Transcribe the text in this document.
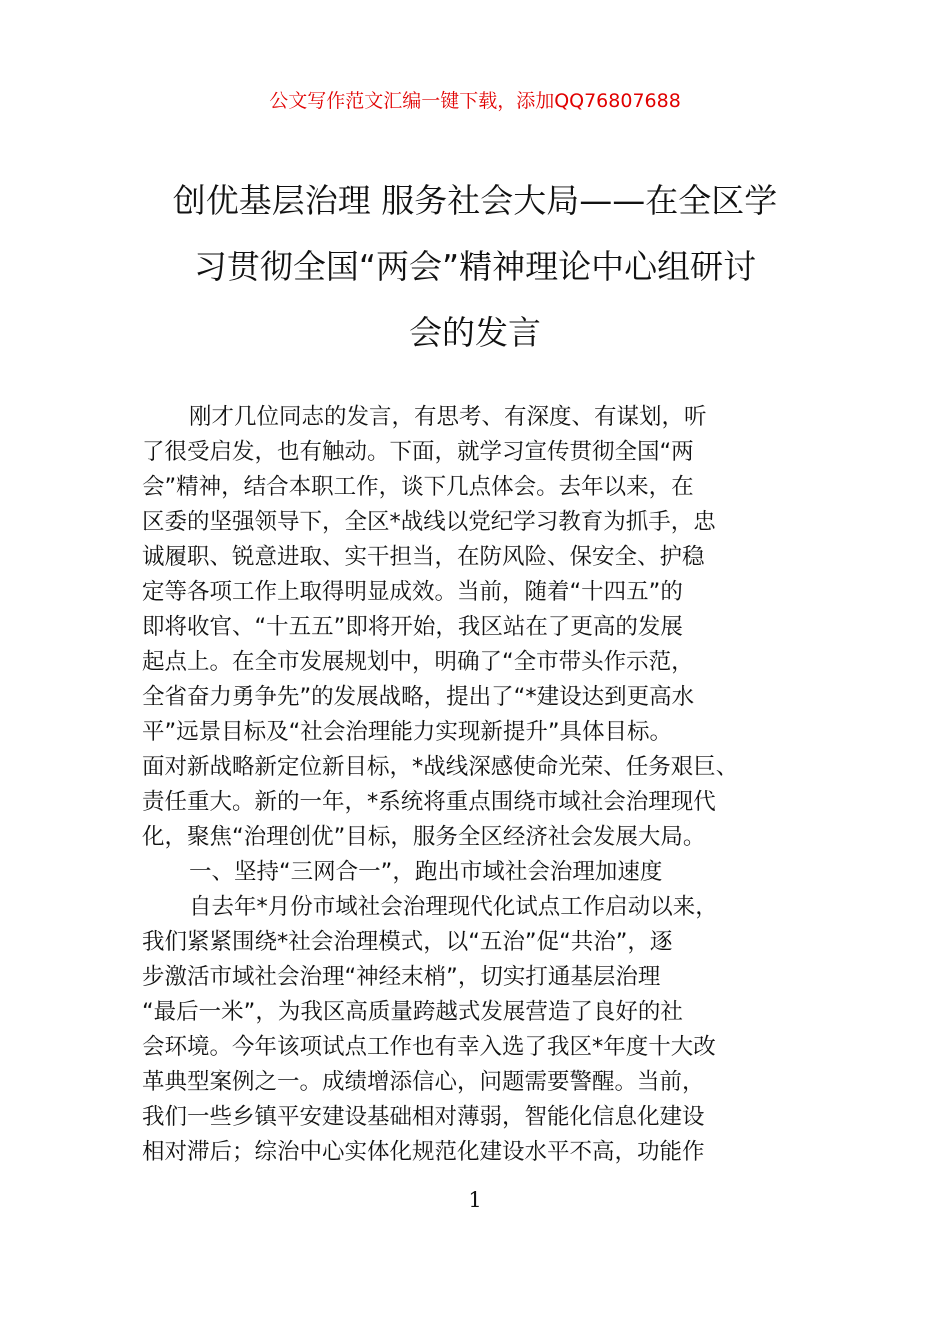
公文写作范文汇编一键下载，添加QQ76807688
创优基层治理 服务社会大局——在全区学
习贯彻全国“两会”精神理论中心组研讨
会的发言
刚才几位同志的发言，有思考、有深度、有谋划，听
了很受启发，也有触动。下面，就学习宣传贯彻全国“两
会”精神，结合本职工作，谈下几点体会。去年以来，在
区委的坚强领导下，全区*战线以党纪学习教育为抓手，忠
诚履职、锐意进取、实干担当，在防风险、保安全、护稳
定等各项工作上取得明显成效。当前，随着“十四五”的
即将收官、“十五五”即将开始，我区站在了更高的发展
起点上。在全市发展规划中，明确了“全市带头作示范，
全省奋力勇争先”的发展战略，提出了“*建设达到更高水
平”远景目标及“社会治理能力实现新提升”具体目标。
面对新战略新定位新目标，*战线深感使命光荣、任务艰巨、
责任重大。新的一年，*系统将重点围绕市域社会治理现代
化，聚焦“治理创优”目标，服务全区经济社会发展大局。
一、坚持“三网合一”，跑出市域社会治理加速度
自去年*月份市域社会治理现代化试点工作启动以来，
我们紧紧围绕*社会治理模式，以“五治”促“共治”，逐
步激活市域社会治理“神经末梢”，切实打通基层治理
“最后一米”，为我区高质量跨越式发展营造了良好的社
会环境。今年该项试点工作也有幸入选了我区*年度十大改
革典型案例之一。成绩增添信心，问题需要警醒。当前，
我们一些乡镇平安建设基础相对薄弱，智能化信息化建设
相对滞后；综治中心实体化规范化建设水平不高，功能作
1
